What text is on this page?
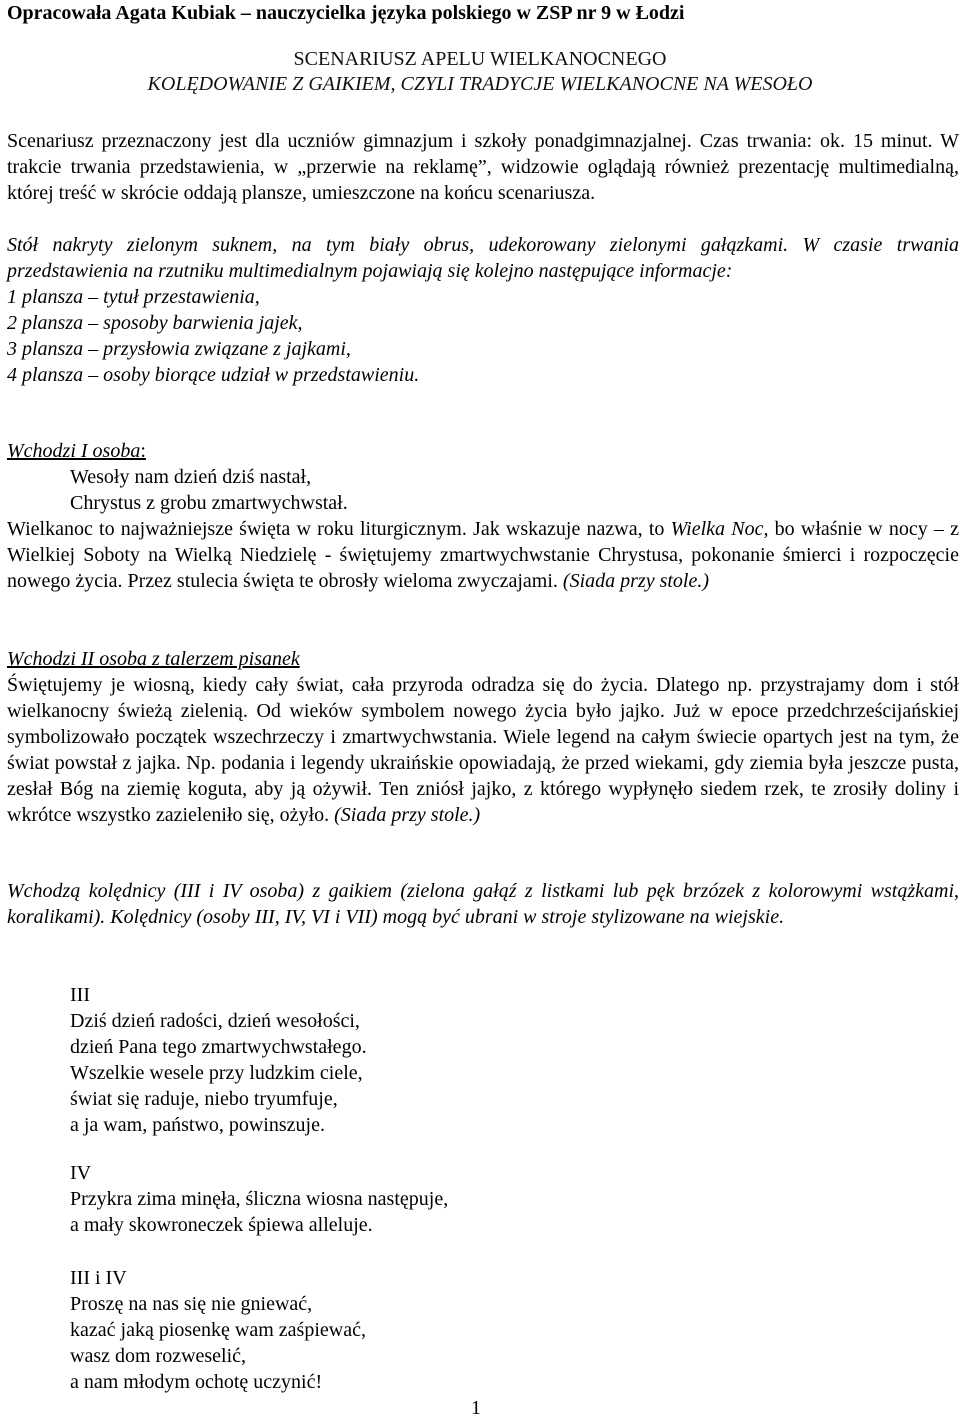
Opracowała Agata Kubiak – nauczycielka języka polskiego w ZSP nr 9 w Łodzi
SCENARIUSZ APELU WIELKANOCNEGO
KOLĘDOWANIE Z GAIKIEM, CZYLI TRADYCJE WIELKANOCNE NA WESOŁO

Scenariusz przeznaczony jest dla uczniów gimnazjum i szkoły ponadgimnazjalnej. Czas trwania: ok. 15 minut. W trakcie trwania przedstawienia, w „przerwie na reklamę”, widzowie oglądają również prezentację multimedialną, której treść w skrócie oddają plansze, umieszczone na końcu scenariusza.

Stół nakryty zielonym suknem, na tym biały obrus, udekorowany zielonymi gałązkami. W czasie trwania przedstawienia na rzutniku multimedialnym pojawiają się kolejno następujące informacje:
1 plansza – tytuł przestawienia,
2 plansza – sposoby barwienia jajek,
3 plansza – przysłowia związane z jajkami,
4 plansza – osoby biorące udział w przedstawieniu.
Wchodzi I osoba:
Wesoły nam dzień dziś nastał,
Chrystus z grobu zmartwychwstał.

Wielkanoc to najważniejsze święta w roku liturgicznym. Jak wskazuje nazwa, to Wielka Noc, bo właśnie w nocy – z Wielkiej Soboty na Wielką Niedzielę - świętujemy zmartwychwstanie Chrystusa, pokonanie śmierci i rozpoczęcie nowego życia. Przez stulecia święta te obrosły wieloma zwyczajami. (Siada przy stole.)

Wchodzi II osoba z talerzem pisanek

Świętujemy je wiosną, kiedy cały świat, cała przyroda odradza się do życia. Dlatego np. przystrajamy dom i stół wielkanocny świeżą zielenią. Od wieków symbolem nowego życia było jajko. Już w epoce przedchrześcijańskiej symbolizowało początek wszechrzeczy i zmartwychwstania. Wiele legend na całym świecie opartych jest na tym, że świat powstał z jajka. Np. podania i legendy ukraińskie opowiadają, że przed wiekami, gdy ziemia była jeszcze pusta, zesłał Bóg na ziemię koguta, aby ją ożywił. Ten zniósł jajko, z którego wypłynęło siedem rzek, te zrosiły doliny i wkrótce wszystko zazieleniło się, ożyło. (Siada przy stole.)

Wchodzą kolędnicy (III i IV osoba) z gaikiem (zielona gałąź z listkami lub pęk brzózek z kolorowymi wstążkami, koralikami). Kolędnicy (osoby III, IV, VI i VII) mogą być ubrani w stroje stylizowane na wiejskie.

III
Dziś dzień radości, dzień wesołości,
dzień Pana tego zmartwychwstałego.
Wszelkie wesele przy ludzkim ciele,
świat się raduje, niebo tryumfuje,
a ja wam, państwo, powinszuje.
IV
Przykra zima minęła, śliczna wiosna następuje,
a mały skowroneczek śpiewa alleluje.
III i IV
Proszę na nas się nie gniewać,
kazać jaką piosenkę wam zaśpiewać,
wasz dom rozweselić,
a nam młodym ochotę uczynić!
1
